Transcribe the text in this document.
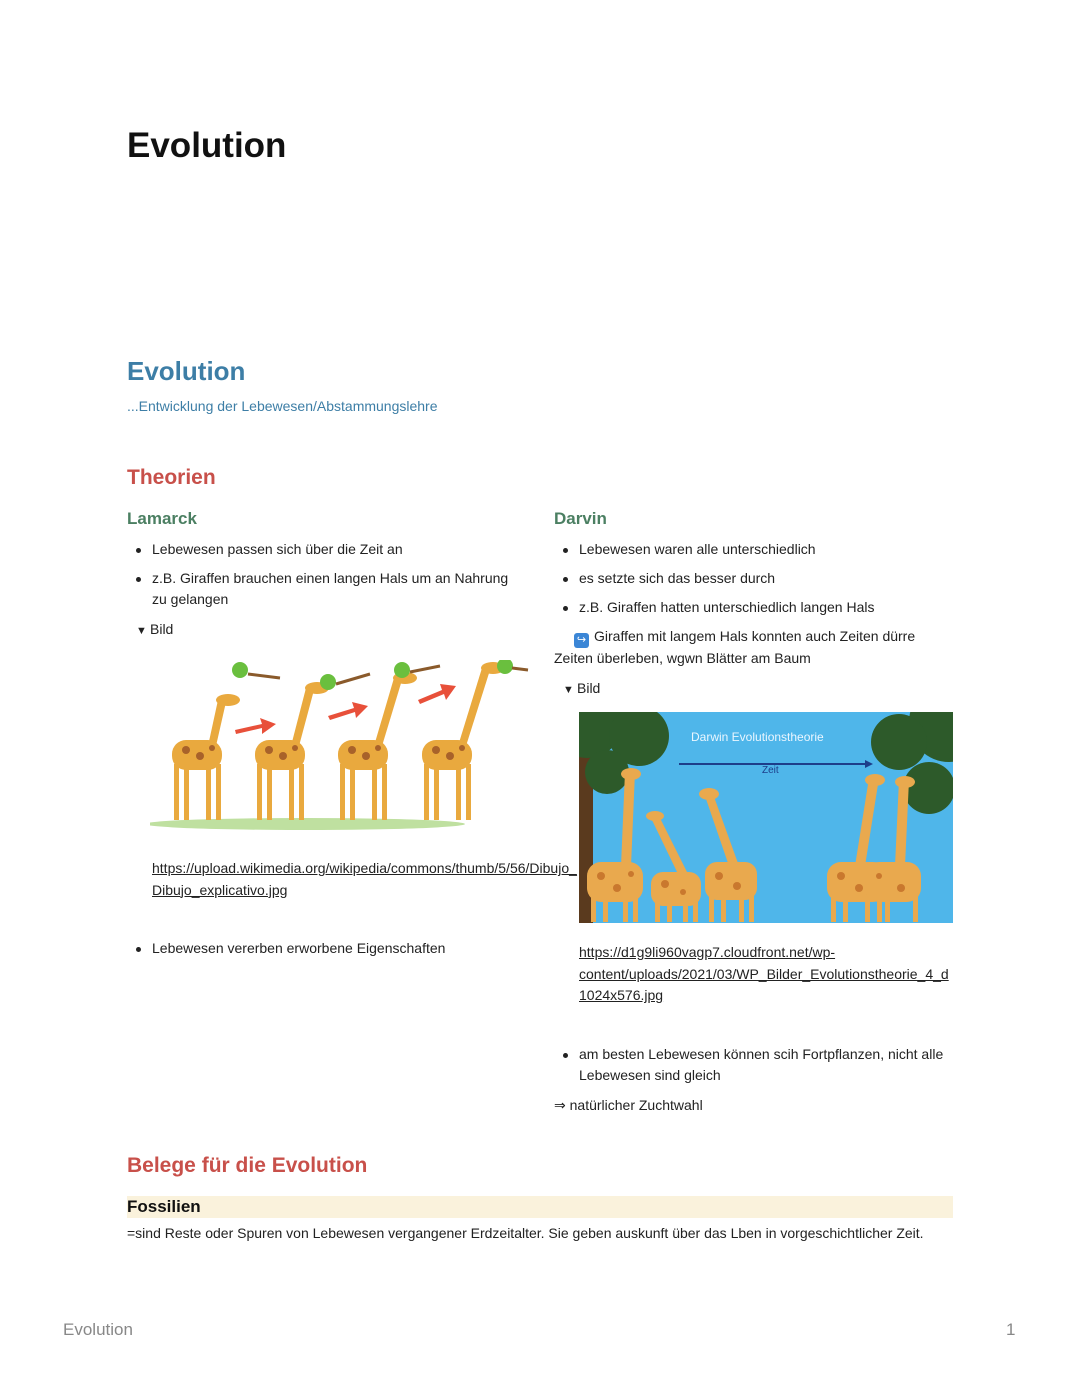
Evolution
Evolution
...Entwicklung der Lebewesen/Abstammungslehre
Theorien
Lamarck
Lebewesen passen sich über die Zeit an
z.B. Giraffen brauchen einen langen Hals um an Nahrung zu gelangen
▼ Bild
https://upload.wikimedia.org/wikipedia/commons/thumb/5/56/Dibujo_
Dibujo_explicativo.jpg
Lebewesen vererben erworbene Eigenschaften
Darvin
Lebewesen waren alle unterschiedlich
es setzte sich das besser durch
z.B. Giraffen hatten unterschiedlich langen Hals
↪ Giraffen mit langem Hals konnten auch Zeiten dürre
Zeiten überleben, wgwn Blätter am Baum
▼ Bild
Darwin Evolutionstheorie
Zeit
https://d1g9li960vagp7.cloudfront.net/wp-
content/uploads/2021/03/WP_Bilder_Evolutionstheorie_4_d
1024x576.jpg
am besten Lebewesen können scih Fortpflanzen, nicht alle Lebewesen sind gleich
⇒ natürlicher Zuchtwahl
Belege für die Evolution
Fossilien
=sind Reste oder Spuren von Lebewesen vergangener Erdzeitalter. Sie geben auskunft über das Lben in vorgeschichtlicher Zeit.
Evolution	1
